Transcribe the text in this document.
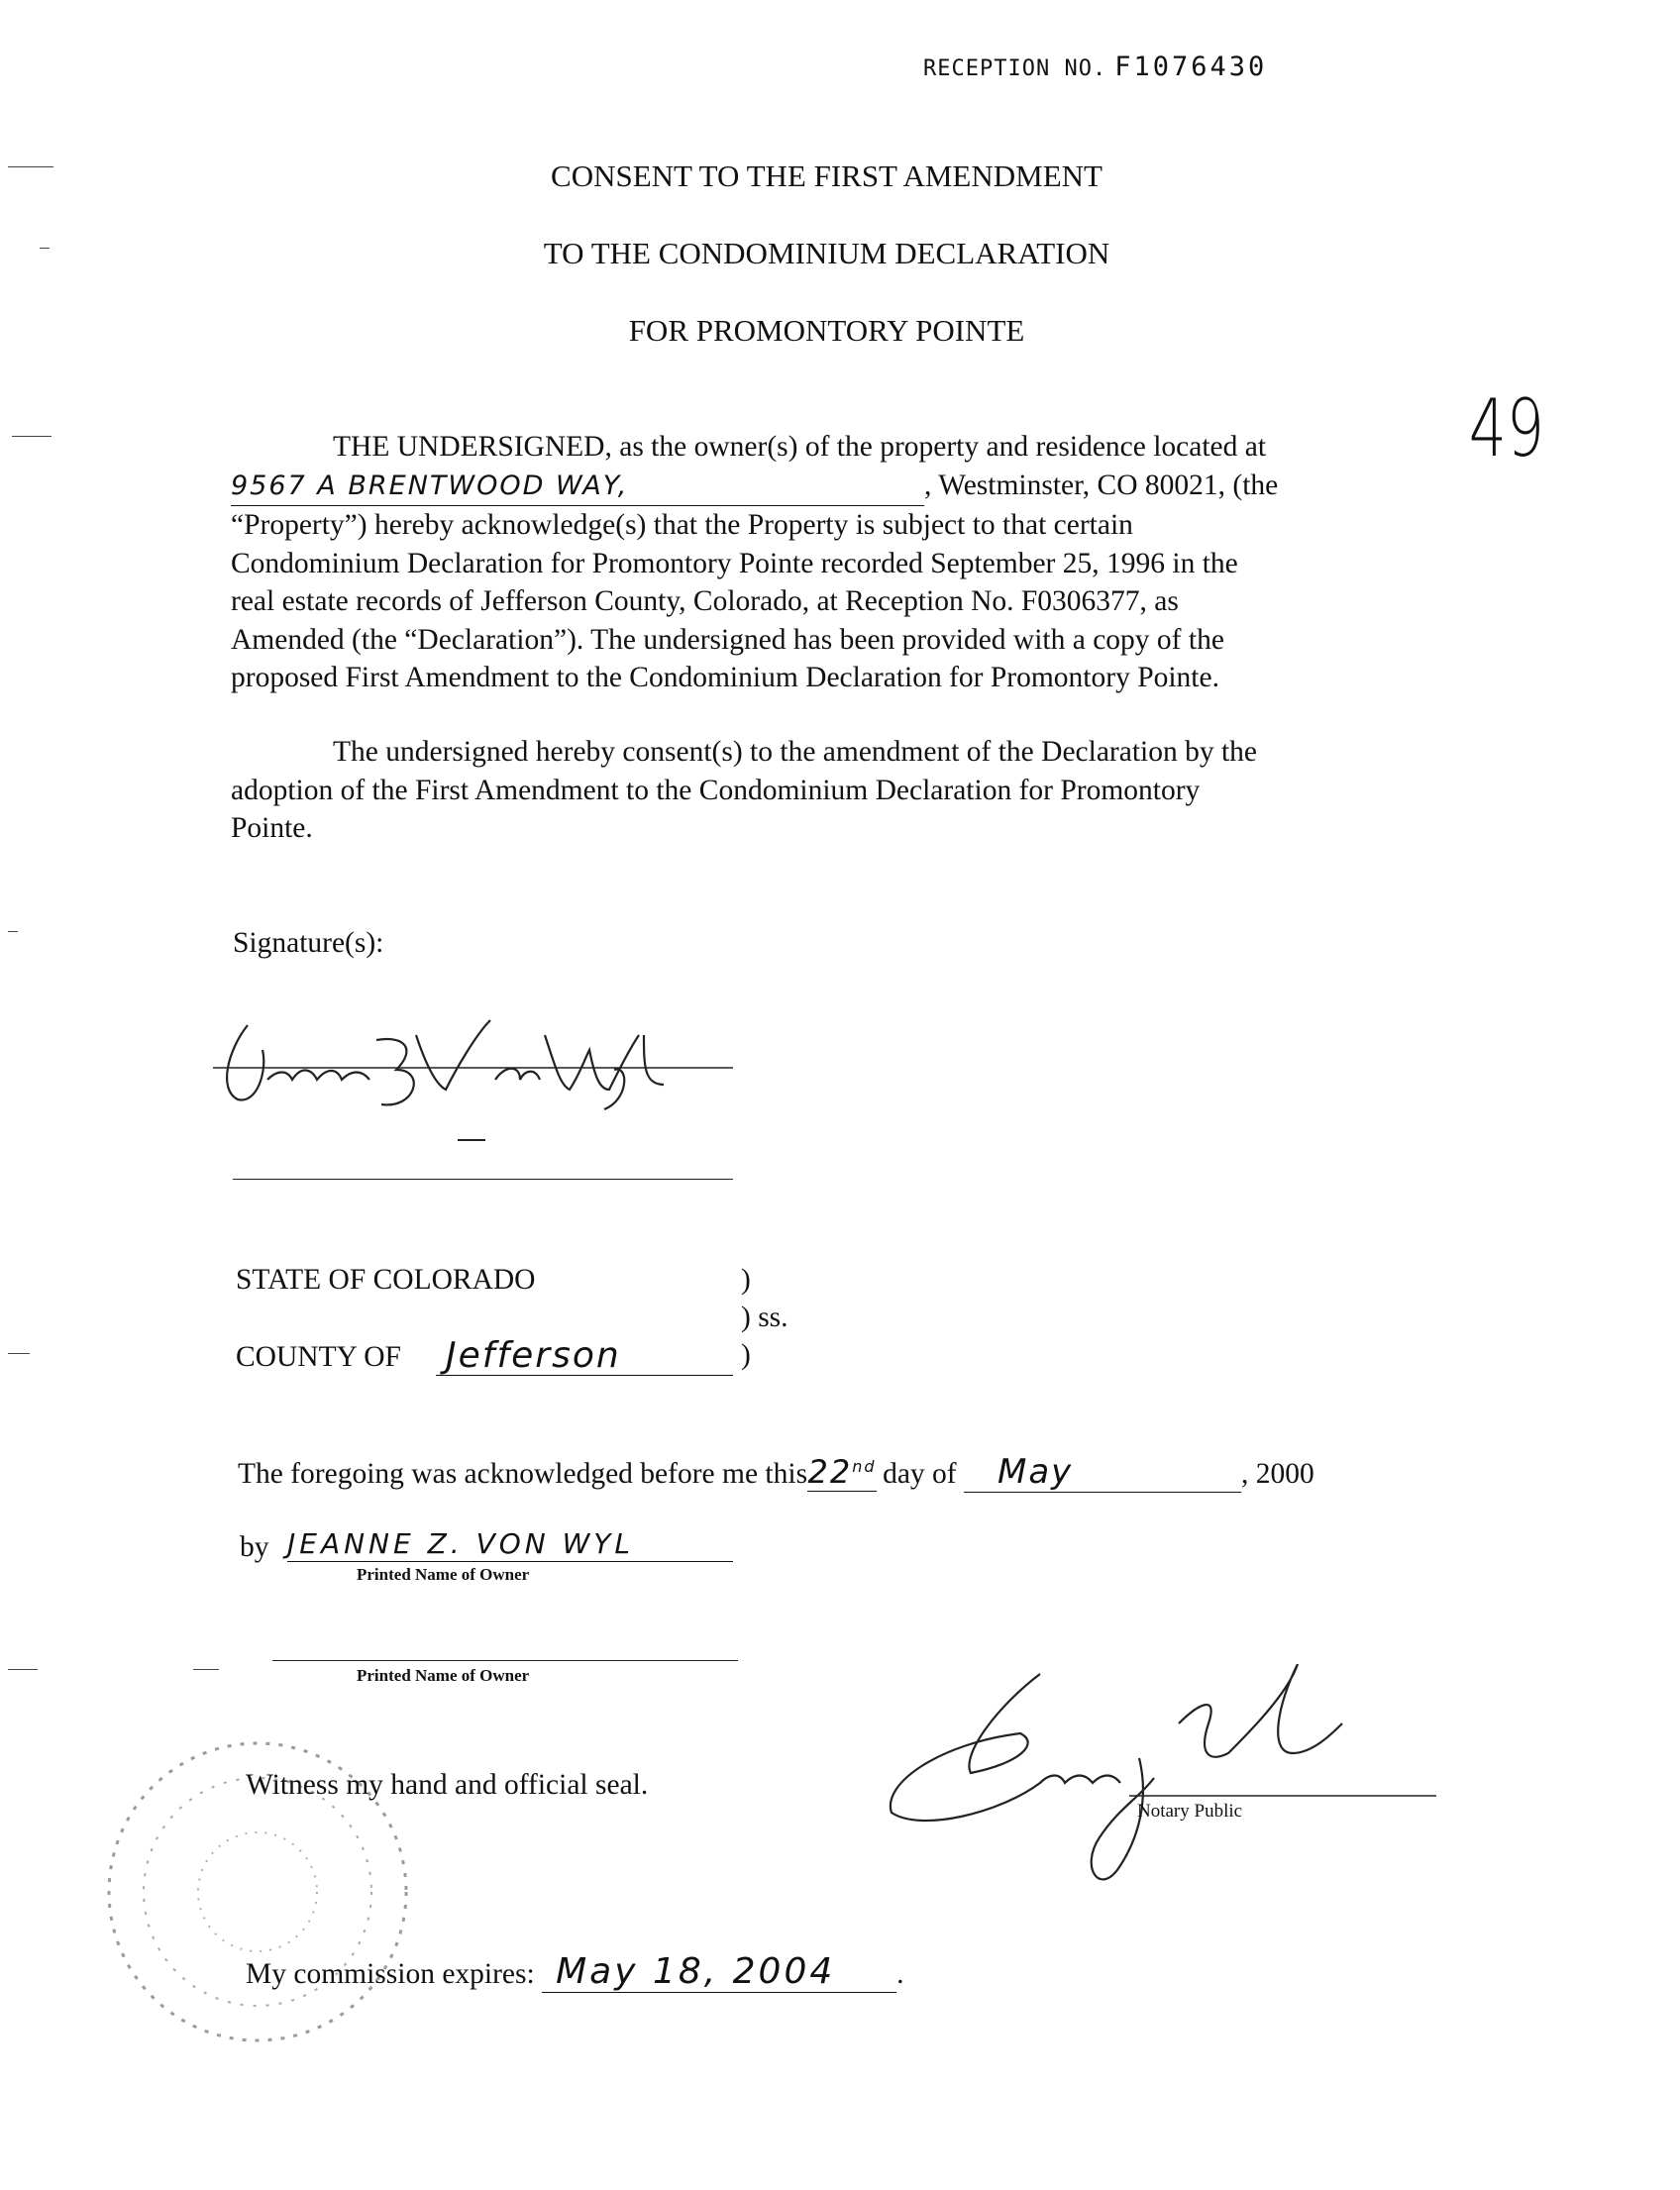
RECEPTION NO. F1076430
49
CONSENT TO THE FIRST AMENDMENT
TO THE CONDOMINIUM DECLARATION
FOR PROMONTORY POINTE
THE UNDERSIGNED, as the owner(s) of the property and residence located at
9567 A BRENTWOOD WAY,	, Westminster, CO 80021, (the
“Property”) hereby acknowledge(s) that the Property is subject to that certain
Condominium Declaration for Promontory Pointe recorded September 25, 1996 in the
real estate records of Jefferson County, Colorado, at Reception No. F0306377, as
Amended (the “Declaration”). The undersigned has been provided with a copy of the
proposed First Amendment to the Condominium Declaration for Promontory Pointe.
The undersigned hereby consent(s) to the amendment of the Declaration by the
adoption of the First Amendment to the Condominium Declaration for Promontory
Pointe.
Signature(s):
STATE OF COLORADO	)
) ss.
)
COUNTY OF Jefferson
The foregoing was acknowledged before me this22nd day of May	, 2000
by JEANNE Z. VON WYL
Printed Name of Owner
Printed Name of Owner
Witness my hand and official seal.
Notary Public
My commission expires: May 18, 2004 .
